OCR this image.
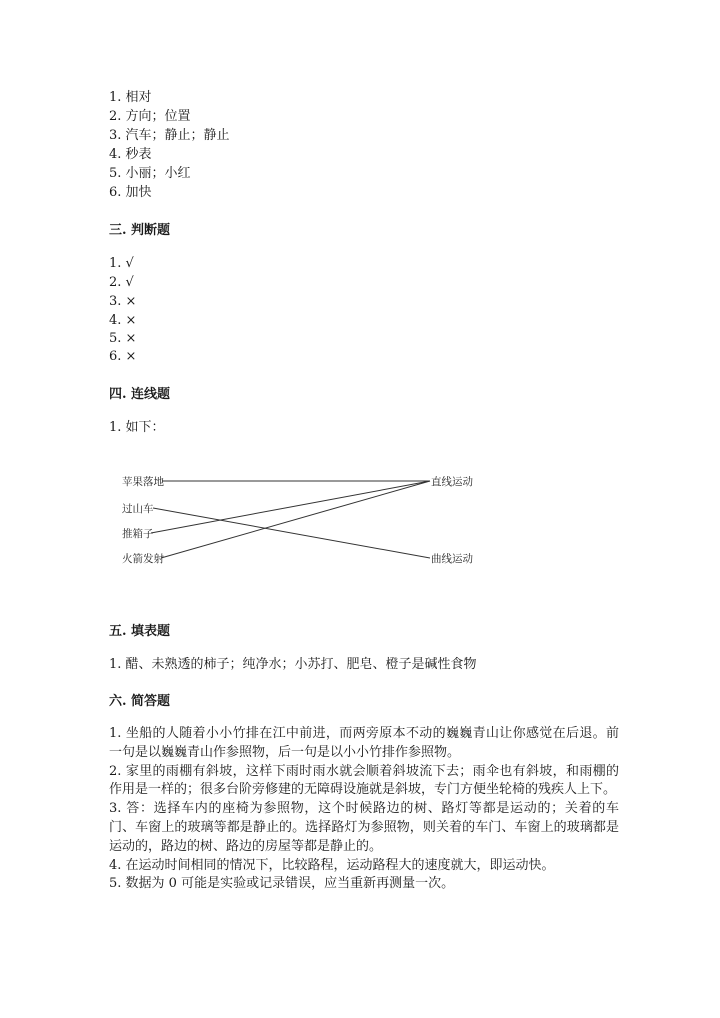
1. 相对
2. 方向；位置
3. 汽车；静止；静止
4. 秒表
5. 小丽；小红
6. 加快
三. 判断题
1. √
2. √
3. ×
4. ×
5. ×
6. ×
四. 连线题
1. 如下：
苹果落地
过山车
推箱子
火箭发射
直线运动
曲线运动
五. 填表题
1. 醋、未熟透的柿子；纯净水；小苏打、肥皂、橙子是碱性食物
六. 简答题

1. 坐船的人随着小小竹排在江中前进，而两旁原本不动的巍巍青山让你感觉在后退。前一句是以巍巍青山作参照物，后一句是以小小竹排作参照物。

2. 家里的雨棚有斜坡，这样下雨时雨水就会顺着斜坡流下去；雨伞也有斜坡，和雨棚的作用是一样的；很多台阶旁修建的无障碍设施就是斜坡，专门方便坐轮椅的残疾人上下。

3. 答：选择车内的座椅为参照物，这个时候路边的树、路灯等都是运动的；关着的车门、车窗上的玻璃等都是静止的。选择路灯为参照物，则关着的车门、车窗上的玻璃都是运动的，路边的树、路边的房屋等都是静止的。

4. 在运动时间相同的情况下，比较路程，运动路程大的速度就大，即运动快。

5. 数据为 0 可能是实验或记录错误，应当重新再测量一次。
